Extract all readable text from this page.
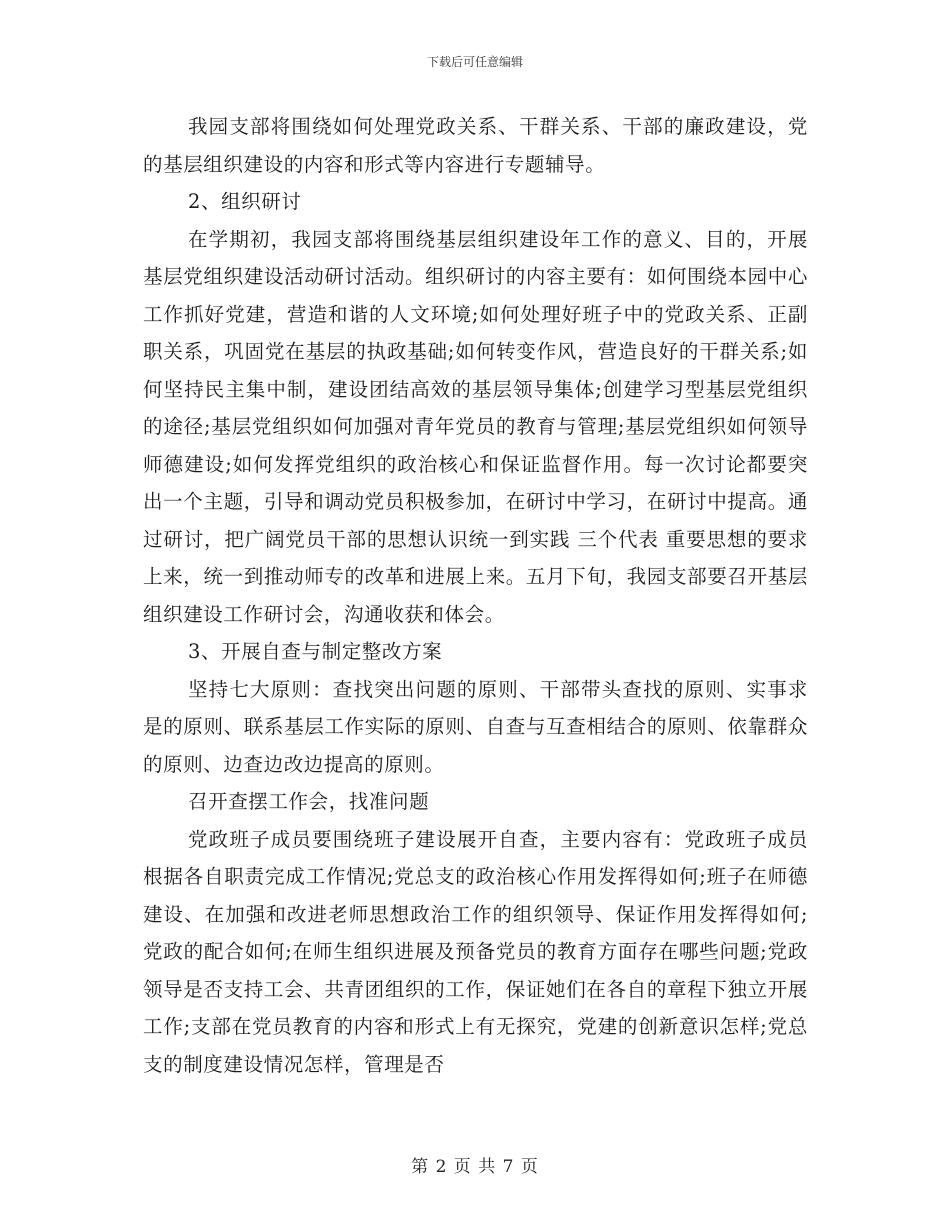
下载后可任意编辑

我园支部将围绕如何处理党政关系、干群关系、干部的廉政建设，党的基层组织建设的内容和形式等内容进行专题辅导。

2、组织研讨

在学期初，我园支部将围绕基层组织建设年工作的意义、目的，开展基层党组织建设活动研讨活动。组织研讨的内容主要有：如何围绕本园中心工作抓好党建，营造和谐的人文环境;如何处理好班子中的党政关系、正副职关系，巩固党在基层的执政基础;如何转变作风，营造良好的干群关系;如何坚持民主集中制，建设团结高效的基层领导集体;创建学习型基层党组织的途径;基层党组织如何加强对青年党员的教育与管理;基层党组织如何领导师德建设;如何发挥党组织的政治核心和保证监督作用。每一次讨论都要突出一个主题，引导和调动党员积极参加，在研讨中学习，在研讨中提高。通过研讨，把广阔党员干部的思想认识统一到实践 三个代表 重要思想的要求上来，统一到推动师专的改革和进展上来。五月下旬，我园支部要召开基层组织建设工作研讨会，沟通收获和体会。

3、开展自查与制定整改方案

坚持七大原则：查找突出问题的原则、干部带头查找的原则、实事求是的原则、联系基层工作实际的原则、自查与互查相结合的原则、依靠群众的原则、边查边改边提高的原则。

召开查摆工作会，找准问题

党政班子成员要围绕班子建设展开自查，主要内容有：党政班子成员根据各自职责完成工作情况;党总支的政治核心作用发挥得如何;班子在师德建设、在加强和改进老师思想政治工作的组织领导、保证作用发挥得如何;党政的配合如何;在师生组织进展及预备党员的教育方面存在哪些问题;党政领导是否支持工会、共青团组织的工作，保证她们在各自的章程下独立开展工作;支部在党员教育的内容和形式上有无探究，党建的创新意识怎样;党总支的制度建设情况怎样，管理是否

第 2 页 共 7 页
